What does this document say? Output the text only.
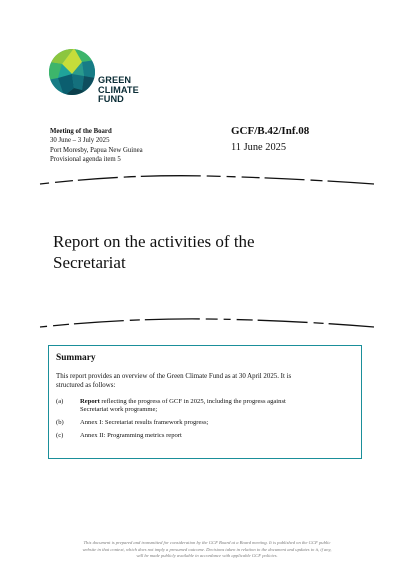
GREEN
CLIMATE
FUND
Meeting of the Board
30 June – 3 July 2025
Port Moresby, Papua New Guinea
Provisional agenda item 5
GCF/B.42/Inf.08
11 June 2025
Report on the activities of the
Secretariat
Summary
This report provides an overview of the Green Climate Fund as at 30 April 2025. It is
structured as follows:
(a)	Report reflecting the progress of GCF in 2025, including the progress against
Secretariat work programme;
(b) Annex I: Secretariat results framework progress;
(c)	Annex II: Programming metrics report
This document is prepared and transmitted for consideration by the GCF Board at a Board meeting. It is published on the GCF public
website in that context, which does not imply a presumed outcome. Decisions taken in relation to the document and updates to it, if any,
will be made publicly available in accordance with applicable GCF policies.
